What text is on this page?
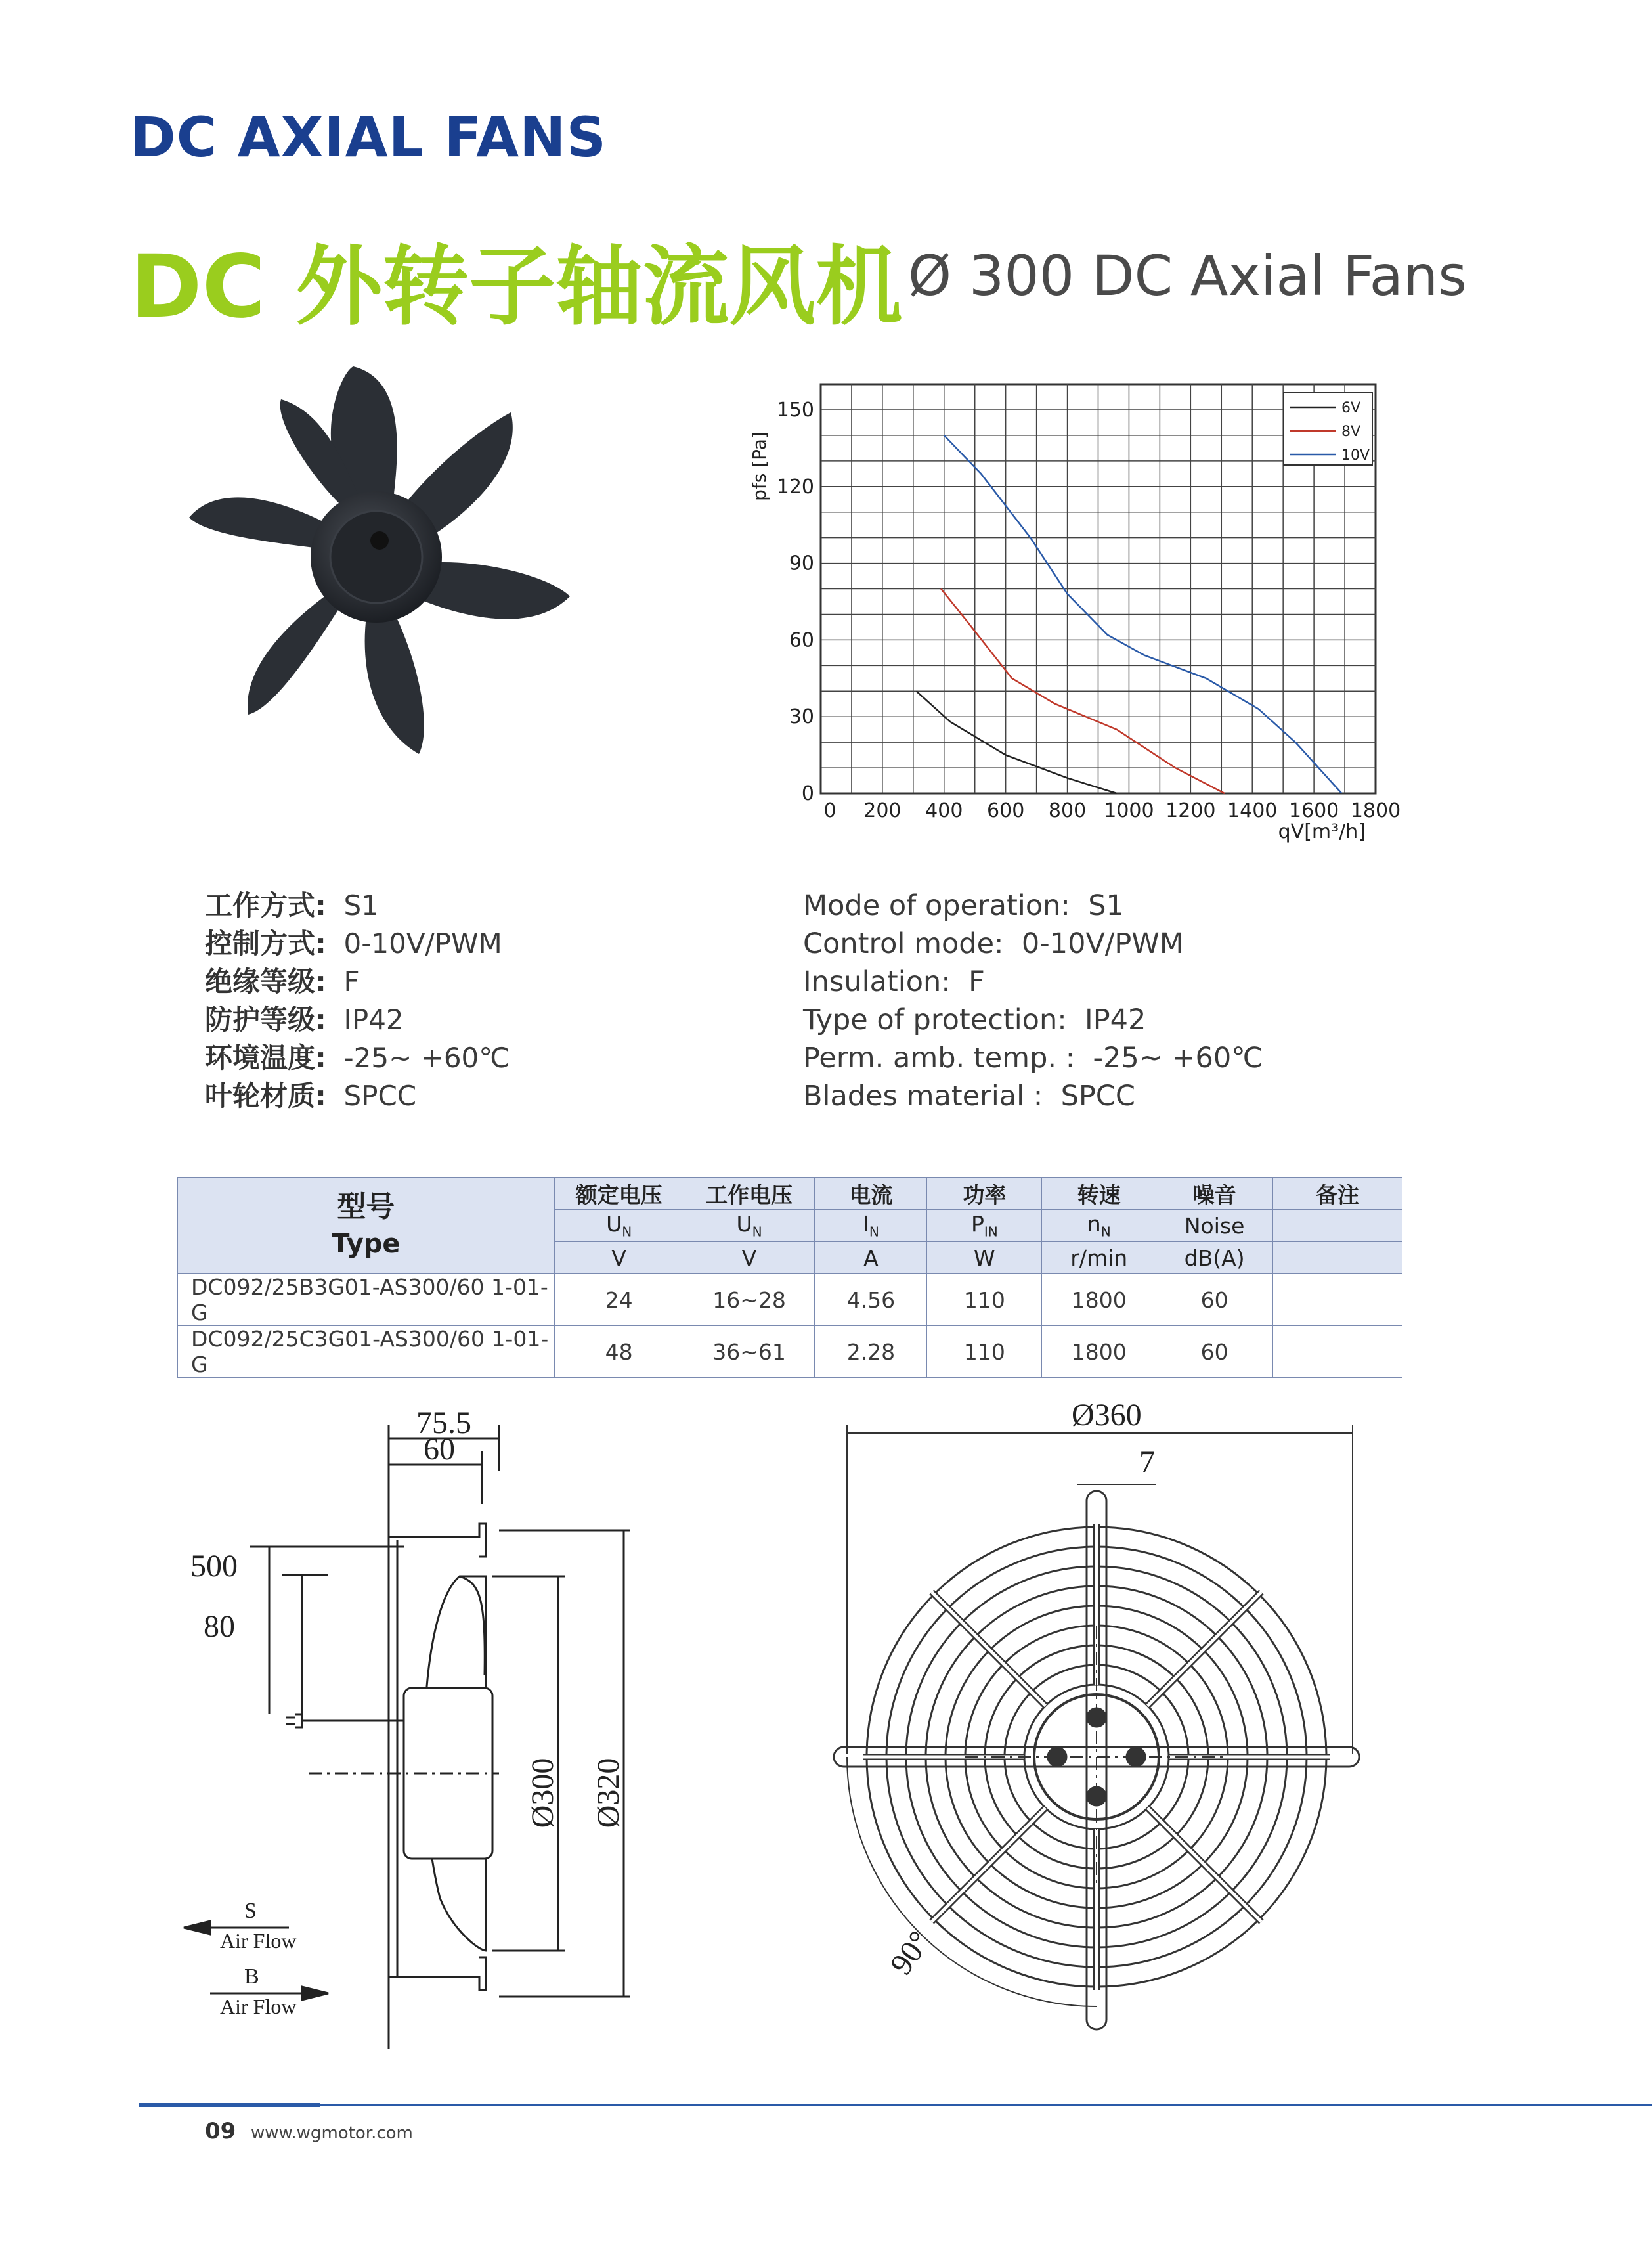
DC AXIAL FANS
DC 外转子轴流风机 Ø 300 DC Axial Fans
0 200 400 600 800 1000 1200 1400 1600 1800
0
30
60
90
120
150	6V
8V
10V
pfs [Pa]
qV[m³/h]
工作方式:  S1
控制方式:  0-10V/PWM
绝缘等级:  F
防护等级:  IP42
环境温度:  -25~ +60℃
叶轮材质:  SPCC
Mode of operation:  S1
Control mode:  0-10V/PWM
Insulation:  F
Type of protection:  IP42
Perm. amb. temp. :  -25~ +60℃
Blades material :  SPCC
型号
Type	额定电压	工作电压	电流	功率	转速	噪音	备注
	$U_N$	$U_N$	$I_N$	$P_{IN}$	$n_N$	Noise	
	V	V	A	W	r/min	dB(A)	
DC092/25B3G01-AS300/60 1-01-G	24	16~28	4.56	110	1800	60	
DC092/25C3G01-AS300/60 1-01-G	48	36~61	2.28	110	1800	60	
75.5
60
500
80
Ø300 Ø320
S
Air Flow
B
Air Flow
Ø360
7
90°
09 www.wgmotor.com
